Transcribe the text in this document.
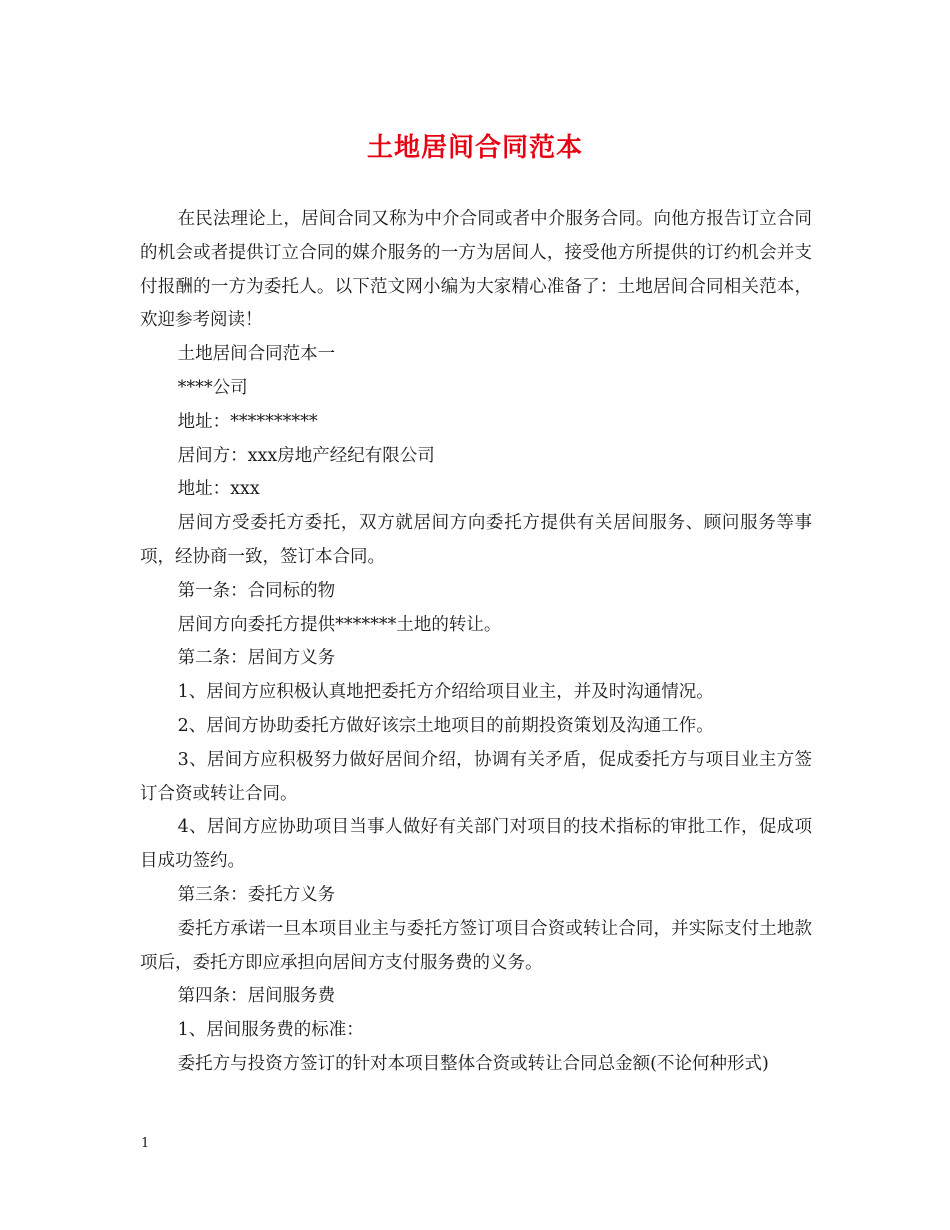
土地居间合同范本

在民法理论上，居间合同又称为中介合同或者中介服务合同。向他方报告订立合同的机会或者提供订立合同的媒介服务的一方为居间人，接受他方所提供的订约机会并支付报酬的一方为委托人。以下范文网小编为大家精心准备了：土地居间合同相关范本，欢迎参考阅读！

土地居间合同范本一

****公司

地址：**********

居间方：xxx房地产经纪有限公司

地址：xxx

居间方受委托方委托，双方就居间方向委托方提供有关居间服务、顾问服务等事项，经协商一致，签订本合同。

第一条：合同标的物

居间方向委托方提供*******土地的转让。

第二条：居间方义务

1、居间方应积极认真地把委托方介绍给项目业主，并及时沟通情况。

2、居间方协助委托方做好该宗土地项目的前期投资策划及沟通工作。

3、居间方应积极努力做好居间介绍，协调有关矛盾，促成委托方与项目业主方签订合资或转让合同。

4、居间方应协助项目当事人做好有关部门对项目的技术指标的审批工作，促成项目成功签约。

第三条：委托方义务

委托方承诺一旦本项目业主与委托方签订项目合资或转让合同，并实际支付土地款项后，委托方即应承担向居间方支付服务费的义务。

第四条：居间服务费

1、居间服务费的标准：

委托方与投资方签订的针对本项目整体合资或转让合同总金额(不论何种形式)

1
